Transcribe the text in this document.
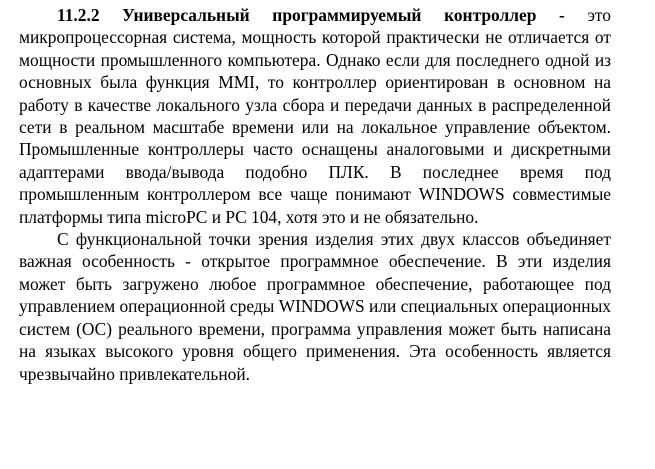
11.2.2 Универсальный программируемый контроллер - это микропроцессорная система, мощность которой практически не отличается от мощности промышленного компьютера. Однако если для последнего одной из основных была функция MMI, то контроллер ориентирован в основном на работу в качестве локального узла сбора и передачи данных в распределенной сети в реальном масштабе времени или на локальное управление объектом. Промышленные контроллеры часто оснащены аналоговыми и дискретными адаптерами ввода/вывода подобно ПЛК. В последнее время под промышленным контроллером все чаще понимают WINDOWS совместимые платформы типа microPC и PC 104, хотя это и не обязательно.

С функциональной точки зрения изделия этих двух классов объединяет важная особенность - открытое программное обеспечение. В эти изделия может быть загружено любое программное обеспечение, работающее под управлением операционной среды WINDOWS или специальных операционных систем (ОС) реального времени, программа управления может быть написана на языках высокого уровня общего применения. Эта особенность является чрезвычайно привлекательной.
